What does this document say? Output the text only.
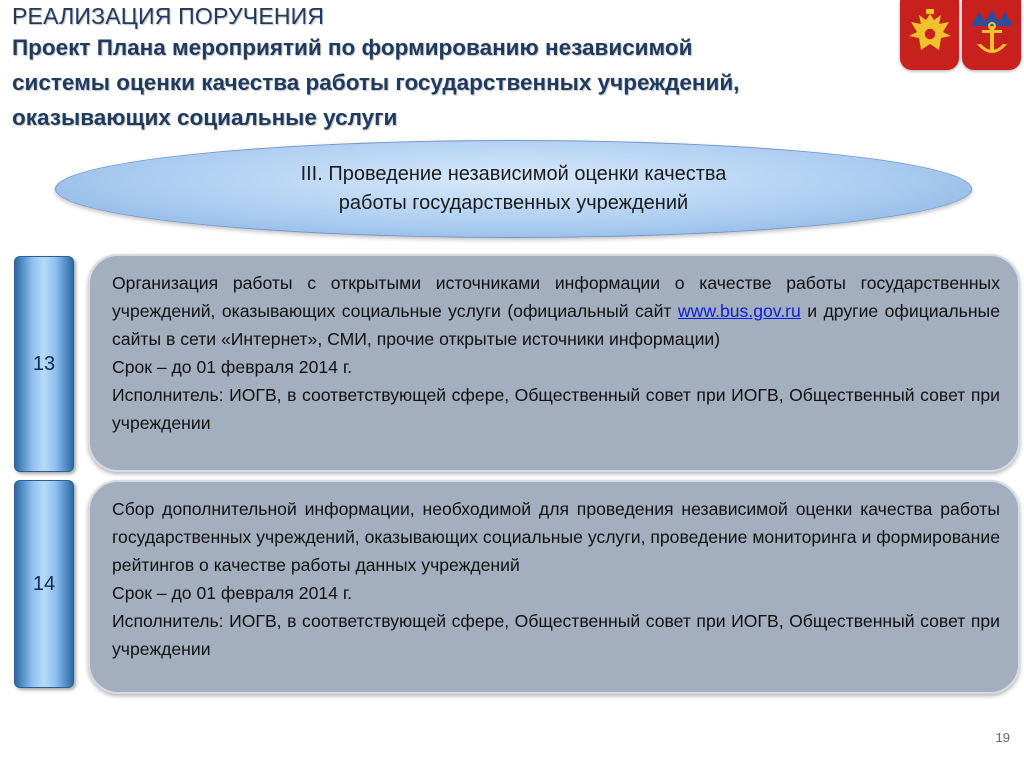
РЕАЛИЗАЦИЯ ПОРУЧЕНИЯ
Проект Плана мероприятий по формированию независимой
системы оценки качества работы государственных учреждений,
оказывающих социальные услуги
III. Проведение независимой оценки качества
работы государственных учреждений
13

Организация работы с открытыми источниками информации о качестве работы государственных учреждений, оказывающих социальные услуги (официальный сайт www.bus.gov.ru и другие официальные сайты в сети «Интернет», СМИ, прочие открытые источники информации)

Срок – до 01 февраля 2014 г.

Исполнитель: ИОГВ, в соответствующей сфере, Общественный совет при ИОГВ, Общественный совет при учреждении

14

Сбор дополнительной информации, необходимой для проведения независимой оценки качества работы государственных учреждений, оказывающих социальные услуги, проведение мониторинга и формирование рейтингов о качестве работы данных учреждений

Срок – до 01 февраля 2014 г.

Исполнитель: ИОГВ, в соответствующей сфере, Общественный совет при ИОГВ, Общественный совет при учреждении

19
